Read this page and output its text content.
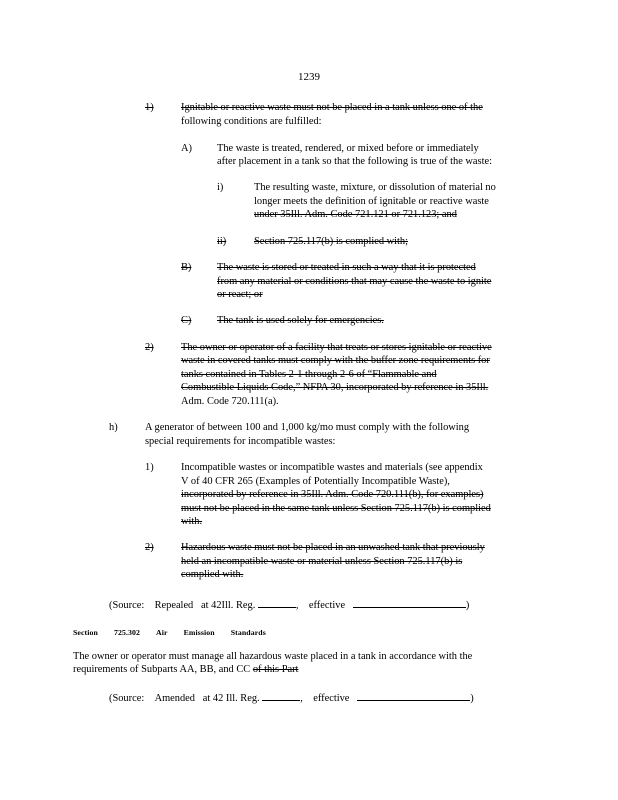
1239
1)	Ignitable or reactive waste must not be placed in a tank unless one of the
following conditions are fulfilled:
A) The waste is treated, rendered, or mixed before or immediately
after placement in a tank so that the following is true of the waste:
i)	The resulting waste, mixture, or dissolution of material no
longer meets the definition of ignitable or reactive waste
under 35Ill. Adm. Code 721.121 or 721.123; and
ii)	Section 725.117(b) is complied with;
B) The waste is stored or treated in such a way that it is protected
from any material or conditions that may cause the waste to ignite
or react; or
C) The tank is used solely for emergencies.
2)	The owner or operator of a facility that treats or stores ignitable or reactive
waste in covered tanks must comply with the buffer zone requirements for
tanks contained in Tables 2-1 through 2-6 of “Flammable and
Combustible Liquids Code,” NFPA 30, incorporated by reference in 35Ill.
Adm. Code 720.111(a).
h)	A generator of between 100 and 1,000 kg/mo must comply with the following
special requirements for incompatible wastes:
1)	Incompatible wastes or incompatible wastes and materials (see appendix
V of 40 CFR 265 (Examples of Potentially Incompatible Waste),
incorporated by reference in 35Ill. Adm. Code 720.111(b), for examples)
must not be placed in the same tank unless Section 725.117(b) is complied
with.
2)	Hazardous waste must not be placed in an unwashed tank that previously
held an incompatible waste or material unless Section 725.117(b) is
complied with.
(Source: Repealed at 42Ill. Reg.	, effective	)
Section 725.302 Air Emission Standards
The owner or operator must manage all hazardous waste placed in a tank in accordance with the
requirements of Subparts AA, BB, and CC of this Part
(Source: Amended at 42 Ill. Reg.	, effective	)
